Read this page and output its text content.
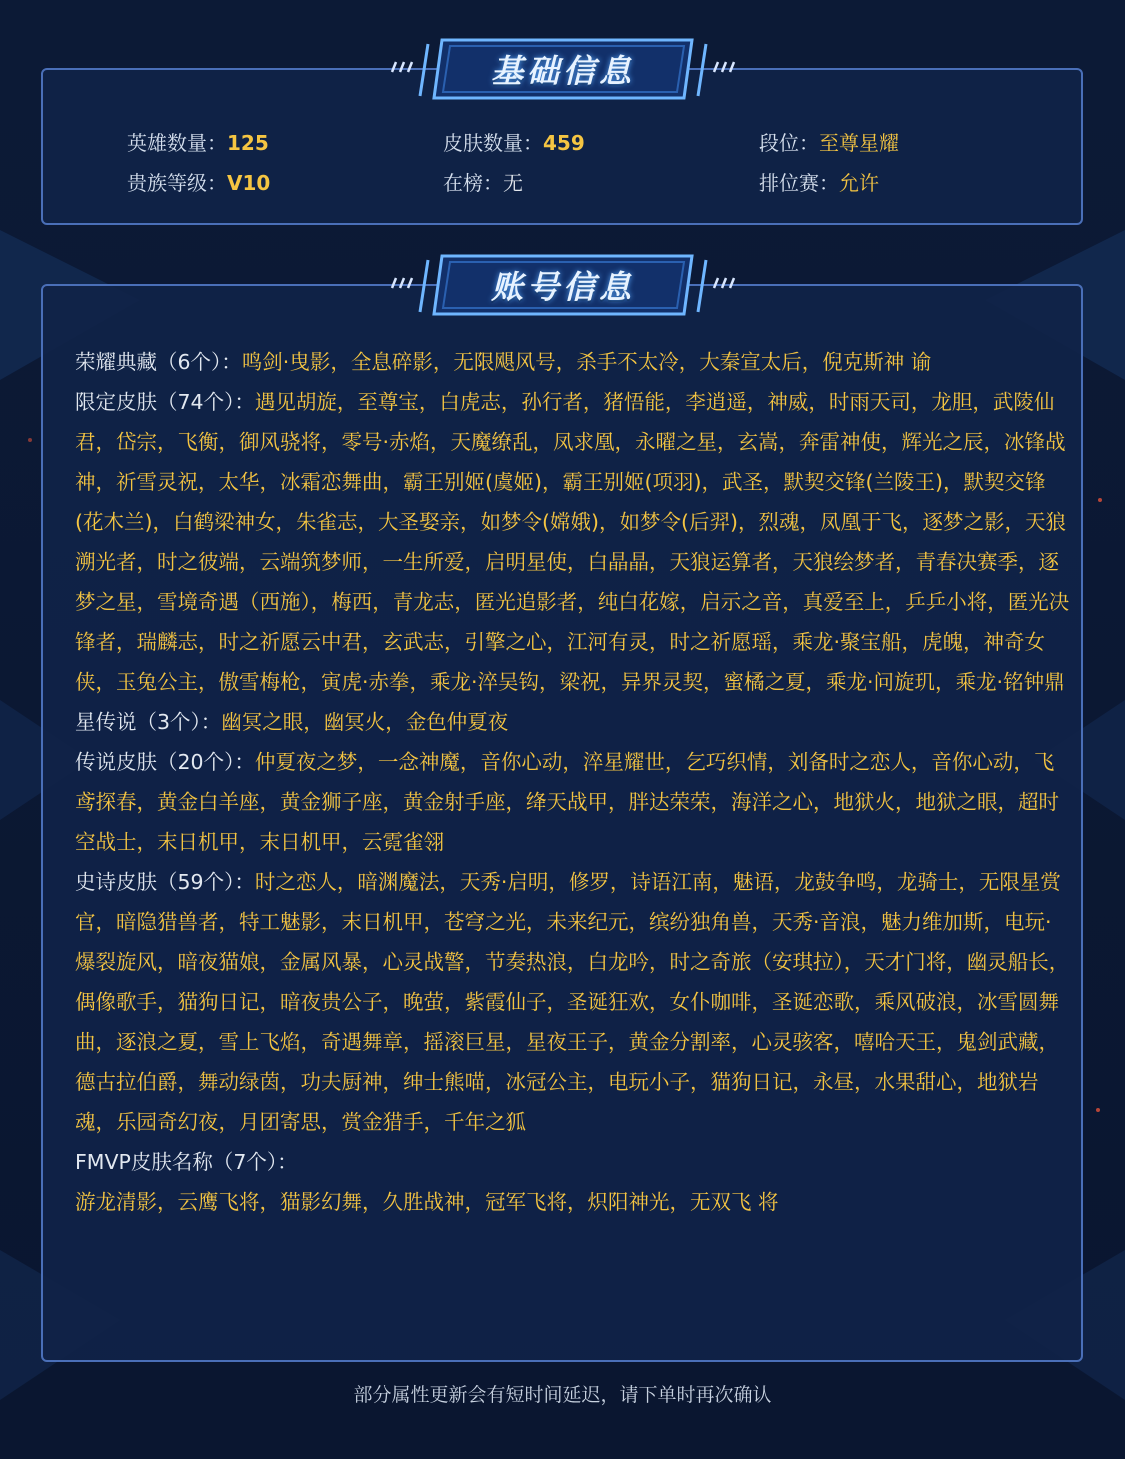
英雄数量：125	皮肤数量：459	段位：至尊星耀
贵族等级：V10	在榜：无	排位赛：允许
基础信息

荣耀典藏（6个）：鸣剑·曳影，全息碎影，无限飓风号，杀手不太冷，大秦宣太后，倪克斯神 谕

限定皮肤（74个）：遇见胡旋，至尊宝，白虎志，孙行者，猪悟能，李逍遥，神威，时雨天司，龙胆，武陵仙君，岱宗，飞衡，御风骁将，零号·赤焰，天魔缭乱，凤求凰，永曜之星，玄嵩，奔雷神使，辉光之辰，冰锋战神，祈雪灵祝，太华，冰霜恋舞曲，霸王别姬(虞姬)，霸王别姬(项羽)，武圣，默契交锋(兰陵王)，默契交锋(花木兰)，白鹤梁神女，朱雀志，大圣娶亲，如梦令(嫦娥)，如梦令(后羿)，烈魂，凤凰于飞，逐梦之影，天狼溯光者，时之彼端，云端筑梦师，一生所爱，启明星使，白晶晶，天狼运算者，天狼绘梦者，青春决赛季，逐梦之星，雪境奇遇（西施），梅西，青龙志，匿光追影者，纯白花嫁，启示之音，真爱至上，乒乒小将，匿光决锋者，瑞麟志，时之祈愿云中君，玄武志，引擎之心，江河有灵，时之祈愿瑶，乘龙·聚宝船，虎魄，神奇女侠，玉兔公主，傲雪梅枪，寅虎·赤拳，乘龙·淬吴钩，梁祝，异界灵契，蜜橘之夏，乘龙·问旋玑，乘龙·铭钟鼎

星传说（3个）：幽冥之眼，幽冥火，金色仲夏夜

传说皮肤（20个）：仲夏夜之梦，一念神魔，音你心动，淬星耀世，乞巧织情，刘备时之恋人，音你心动，飞鸢探春，黄金白羊座，黄金狮子座，黄金射手座，绛天战甲，胖达荣荣，海洋之心，地狱火，地狱之眼，超时空战士，末日机甲，末日机甲，云霓雀翎

史诗皮肤（59个）：时之恋人，暗渊魔法，天秀·启明，修罗，诗语江南，魅语，龙鼓争鸣，龙骑士，无限星赏官，暗隐猎兽者，特工魅影，末日机甲，苍穹之光，未来纪元，缤纷独角兽，天秀·音浪，魅力维加斯，电玩·爆裂旋风，暗夜猫娘，金属风暴，心灵战警，节奏热浪，白龙吟，时之奇旅（安琪拉），天才门将，幽灵船长，偶像歌手，猫狗日记，暗夜贵公子，晚萤，紫霞仙子，圣诞狂欢，女仆咖啡，圣诞恋歌，乘风破浪，冰雪圆舞曲，逐浪之夏，雪上飞焰，奇遇舞章，摇滚巨星，星夜王子，黄金分割率，心灵骇客，嘻哈天王，鬼剑武藏，德古拉伯爵，舞动绿茵，功夫厨神，绅士熊喵，冰冠公主，电玩小子，猫狗日记，永昼，水果甜心，地狱岩魂，乐园奇幻夜，月团寄思，赏金猎手，千年之狐

FMVP皮肤名称（7个）：
游龙清影，云鹰飞将，猫影幻舞，久胜战神，冠军飞将，炽阳神光，无双飞 将

账号信息
部分属性更新会有短时间延迟，请下单时再次确认
